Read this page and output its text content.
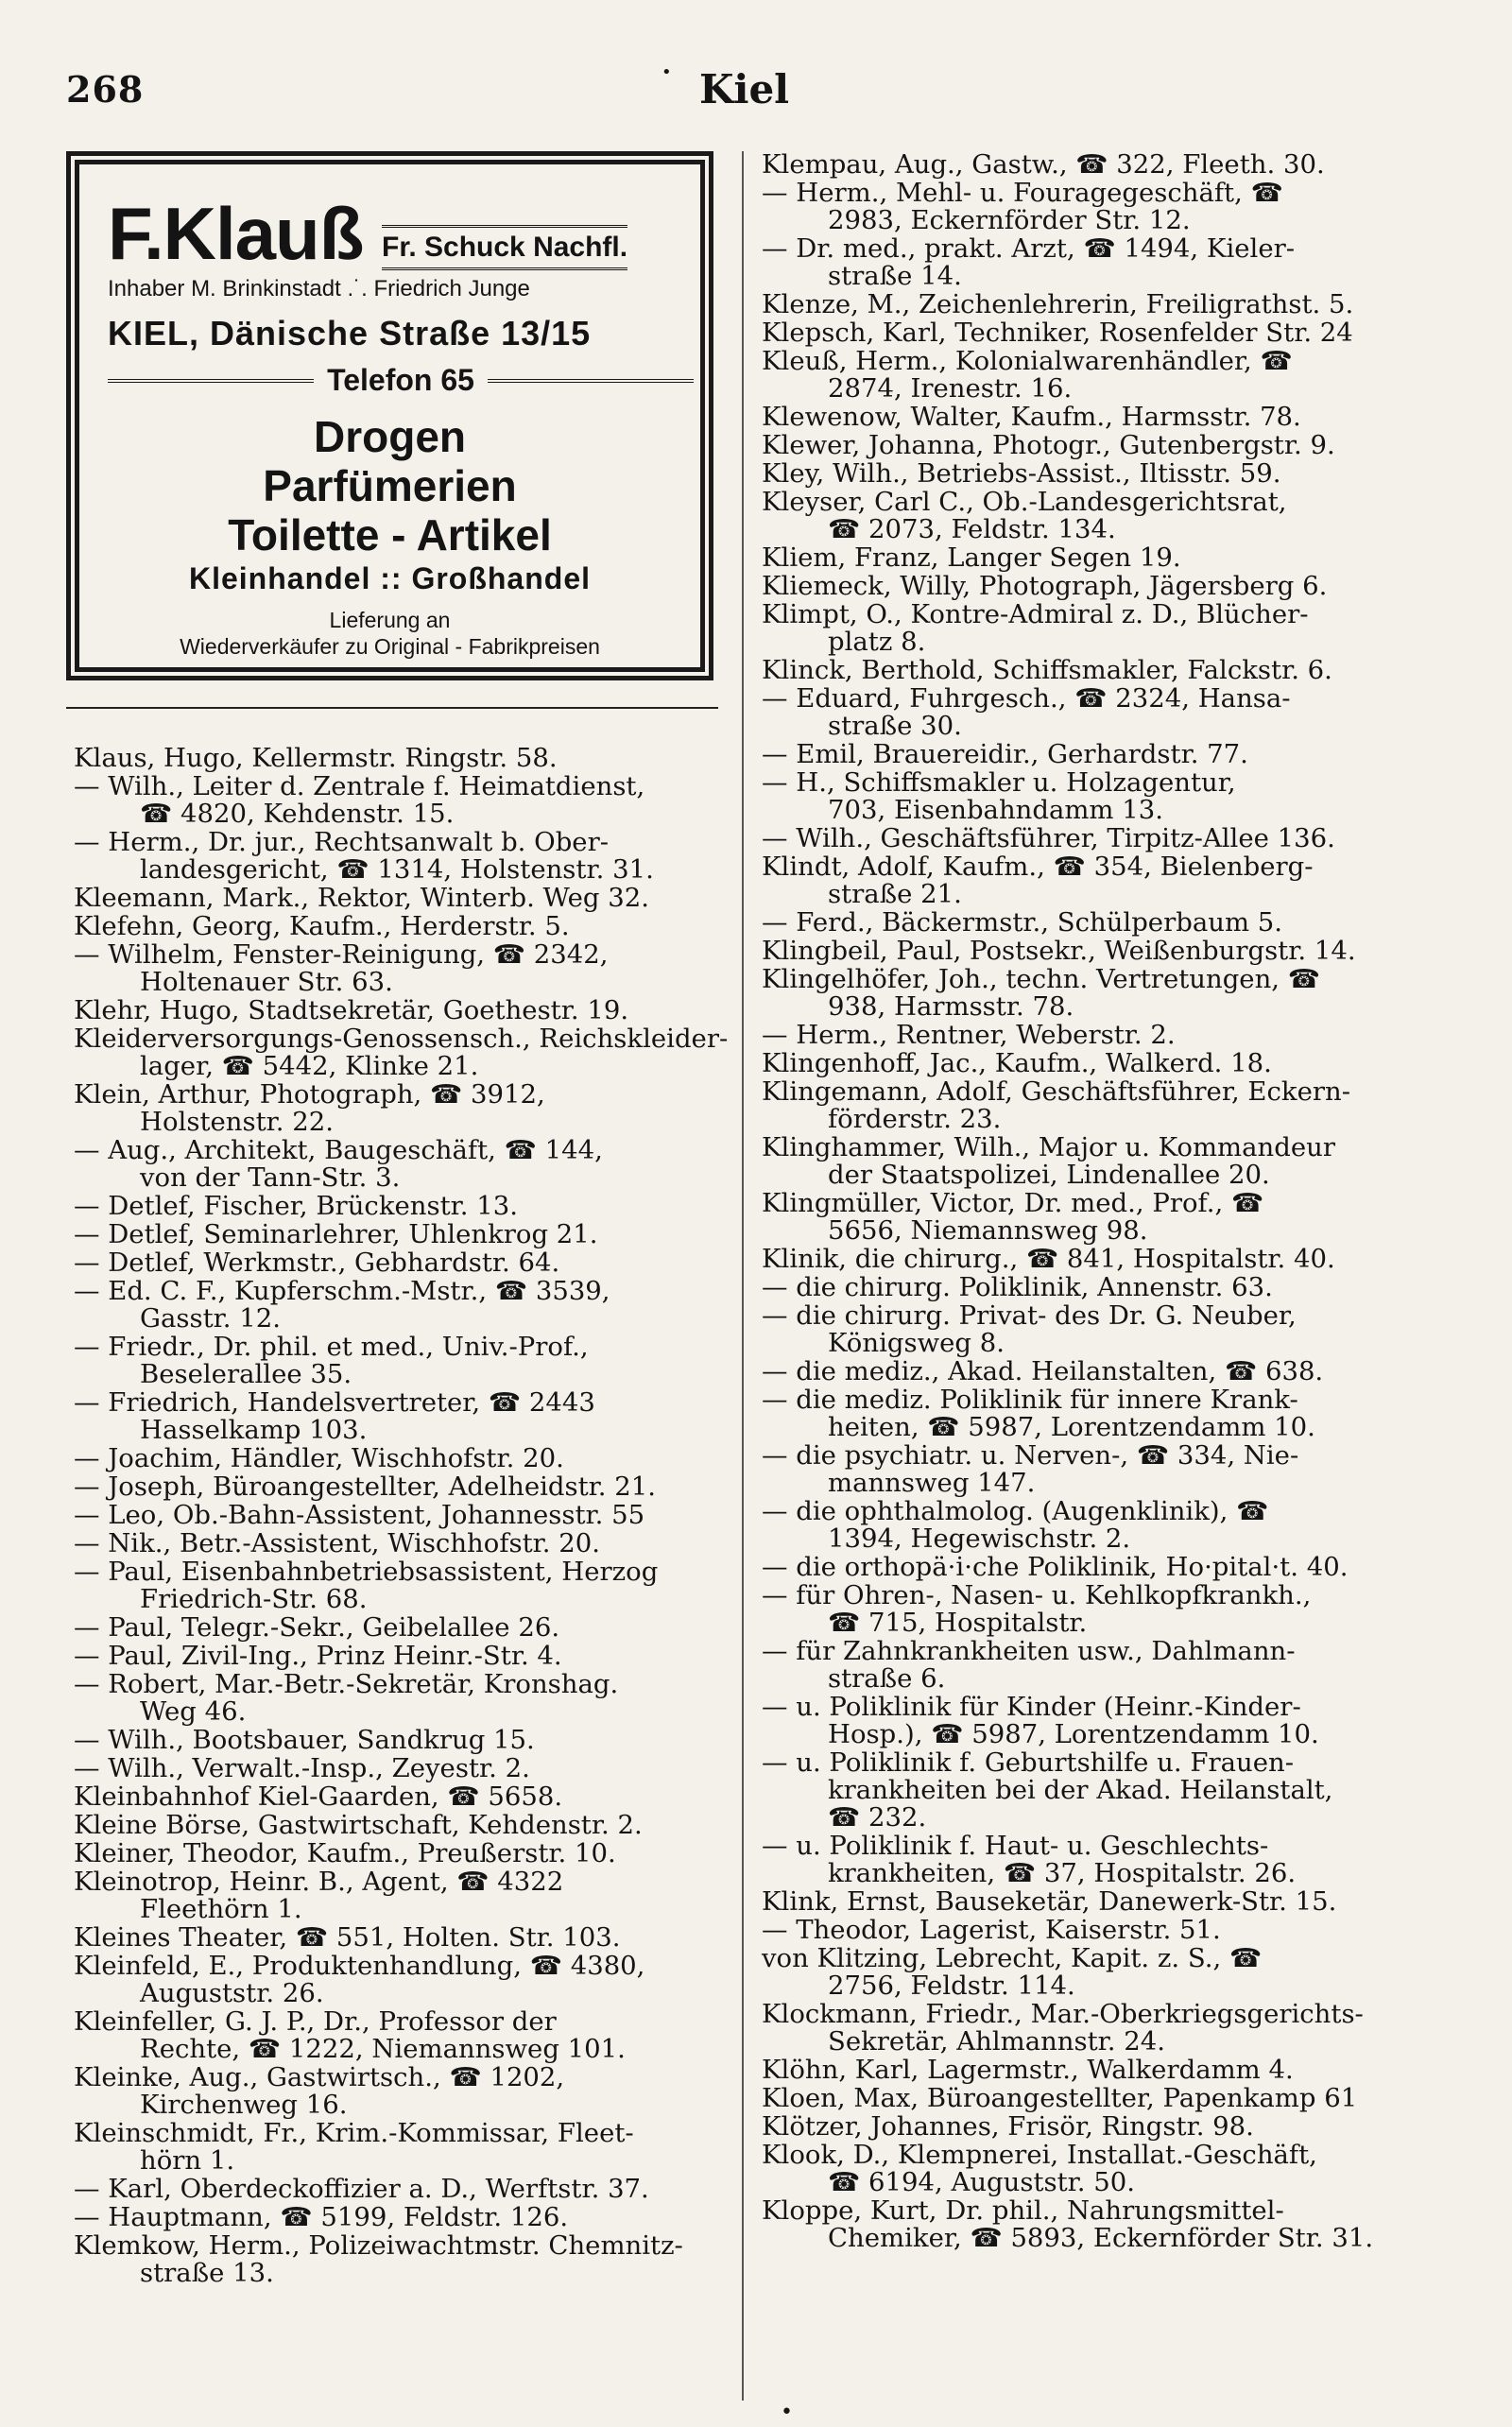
•
268	Kiel
F.Klauß Fr. Schuck Nachfl.
Inhaber M. Brinkinstadt .˙. Friedrich Junge
KIEL, Dänische Straße 13/15
Telefon 65
Drogen
Parfümerien
Toilette - Artikel
Kleinhandel :: Großhandel
Lieferung an
Wiederverkäufer zu Original - Fabrikpreisen
Klaus, Hugo, Kellermstr. Ringstr. 58.
— Wilh., Leiter d. Zentrale f. Heimatdienst,
☎ 4820, Kehdenstr. 15.
— Herm., Dr. jur., Rechtsanwalt b. Ober-
landesgericht, ☎ 1314, Holstenstr. 31.
Kleemann, Mark., Rektor, Winterb. Weg 32.
Klefehn, Georg, Kaufm., Herderstr. 5.
— Wilhelm, Fenster-Reinigung, ☎ 2342,
Holtenauer Str. 63.
Klehr, Hugo, Stadtsekretär, Goethestr. 19.
Kleiderversorgungs-Genossensch., Reichskleider-
lager, ☎ 5442, Klinke 21.
Klein, Arthur, Photograph, ☎ 3912,
Holstenstr. 22.
— Aug., Architekt, Baugeschäft, ☎ 144,
von der Tann-Str. 3.
— Detlef, Fischer, Brückenstr. 13.
— Detlef, Seminarlehrer, Uhlenkrog 21.
— Detlef, Werkmstr., Gebhardstr. 64.
— Ed. C. F., Kupferschm.-Mstr., ☎ 3539,
Gasstr. 12.
— Friedr., Dr. phil. et med., Univ.-Prof.,
Beselerallee 35.
— Friedrich, Handelsvertreter, ☎ 2443
Hasselkamp 103.
— Joachim, Händler, Wischhofstr. 20.
— Joseph, Büroangestellter, Adelheidstr. 21.
— Leo, Ob.-Bahn-Assistent, Johannesstr. 55
— Nik., Betr.-Assistent, Wischhofstr. 20.
— Paul, Eisenbahnbetriebsassistent, Herzog
Friedrich-Str. 68.
— Paul, Telegr.-Sekr., Geibelallee 26.
— Paul, Zivil-Ing., Prinz Heinr.-Str. 4.
— Robert, Mar.-Betr.-Sekretär, Kronshag.
Weg 46.
— Wilh., Bootsbauer, Sandkrug 15.
— Wilh., Verwalt.-Insp., Zeyestr. 2.
Kleinbahnhof Kiel-Gaarden, ☎ 5658.
Kleine Börse, Gastwirtschaft, Kehdenstr. 2.
Kleiner, Theodor, Kaufm., Preußerstr. 10.
Kleinotrop, Heinr. B., Agent, ☎ 4322
Fleethörn 1.
Kleines Theater, ☎ 551, Holten. Str. 103.
Kleinfeld, E., Produktenhandlung, ☎ 4380,
Auguststr. 26.
Kleinfeller, G. J. P., Dr., Professor der
Rechte, ☎ 1222, Niemannsweg 101.
Kleinke, Aug., Gastwirtsch., ☎ 1202,
Kirchenweg 16.
Kleinschmidt, Fr., Krim.-Kommissar, Fleet-
hörn 1.
— Karl, Oberdeckoffizier a. D., Werftstr. 37.
— Hauptmann, ☎ 5199, Feldstr. 126.
Klemkow, Herm., Polizeiwachtmstr. Chemnitz-
straße 13.
Klempau, Aug., Gastw., ☎ 322, Fleeth. 30.
— Herm., Mehl- u. Fouragegeschäft, ☎
2983, Eckernförder Str. 12.
— Dr. med., prakt. Arzt, ☎ 1494, Kieler-
straße 14.
Klenze, M., Zeichenlehrerin, Freiligrathst. 5.
Klepsch, Karl, Techniker, Rosenfelder Str. 24
Kleuß, Herm., Kolonialwarenhändler, ☎
2874, Irenestr. 16.
Klewenow, Walter, Kaufm., Harmsstr. 78.
Klewer, Johanna, Photogr., Gutenbergstr. 9.
Kley, Wilh., Betriebs-Assist., Iltisstr. 59.
Kleyser, Carl C., Ob.-Landesgerichtsrat,
☎ 2073, Feldstr. 134.
Kliem, Franz, Langer Segen 19.
Kliemeck, Willy, Photograph, Jägersberg 6.
Klimpt, O., Kontre-Admiral z. D., Blücher-
platz 8.
Klinck, Berthold, Schiffsmakler, Falckstr. 6.
— Eduard, Fuhrgesch., ☎ 2324, Hansa-
straße 30.
— Emil, Brauereidir., Gerhardstr. 77.
— H., Schiffsmakler u. Holzagentur,
703, Eisenbahndamm 13.
— Wilh., Geschäftsführer, Tirpitz-Allee 136.
Klindt, Adolf, Kaufm., ☎ 354, Bielenberg-
straße 21.
— Ferd., Bäckermstr., Schülperbaum 5.
Klingbeil, Paul, Postsekr., Weißenburgstr. 14.
Klingelhöfer, Joh., techn. Vertretungen, ☎
938, Harmsstr. 78.
— Herm., Rentner, Weberstr. 2.
Klingenhoff, Jac., Kaufm., Walkerd. 18.
Klingemann, Adolf, Geschäftsführer, Eckern-
förderstr. 23.
Klinghammer, Wilh., Major u. Kommandeur
der Staatspolizei, Lindenallee 20.
Klingmüller, Victor, Dr. med., Prof., ☎
5656, Niemannsweg 98.
Klinik, die chirurg., ☎ 841, Hospitalstr. 40.
— die chirurg. Poliklinik, Annenstr. 63.
— die chirurg. Privat- des Dr. G. Neuber,
Königsweg 8.
— die mediz., Akad. Heilanstalten, ☎ 638.
— die mediz. Poliklinik für innere Krank-
heiten, ☎ 5987, Lorentzendamm 10.
— die psychiatr. u. Nerven-, ☎ 334, Nie-
mannsweg 147.
— die ophthalmolog. (Augenklinik), ☎
1394, Hegewischstr. 2.
— die orthopä·i·che Poliklinik, Ho·pital·t. 40.
— für Ohren-, Nasen- u. Kehlkopfkrankh.,
☎ 715, Hospitalstr.
— für Zahnkrankheiten usw., Dahlmann-
straße 6.
— u. Poliklinik für Kinder (Heinr.-Kinder-
Hosp.), ☎ 5987, Lorentzendamm 10.
— u. Poliklinik f. Geburtshilfe u. Frauen-
krankheiten bei der Akad. Heilanstalt,
☎ 232.
— u. Poliklinik f. Haut- u. Geschlechts-
krankheiten, ☎ 37, Hospitalstr. 26.
Klink, Ernst, Bauseketär, Danewerk-Str. 15.
— Theodor, Lagerist, Kaiserstr. 51.
von Klitzing, Lebrecht, Kapit. z. S., ☎
2756, Feldstr. 114.
Klockmann, Friedr., Mar.-Oberkriegsgerichts-
Sekretär, Ahlmannstr. 24.
Klöhn, Karl, Lagermstr., Walkerdamm 4.
Kloen, Max, Büroangestellter, Papenkamp 61
Klötzer, Johannes, Frisör, Ringstr. 98.
Klook, D., Klempnerei, Installat.-Geschäft,
☎ 6194, Auguststr. 50.
Kloppe, Kurt, Dr. phil., Nahrungsmittel-
Chemiker, ☎ 5893, Eckernförder Str. 31.
•
